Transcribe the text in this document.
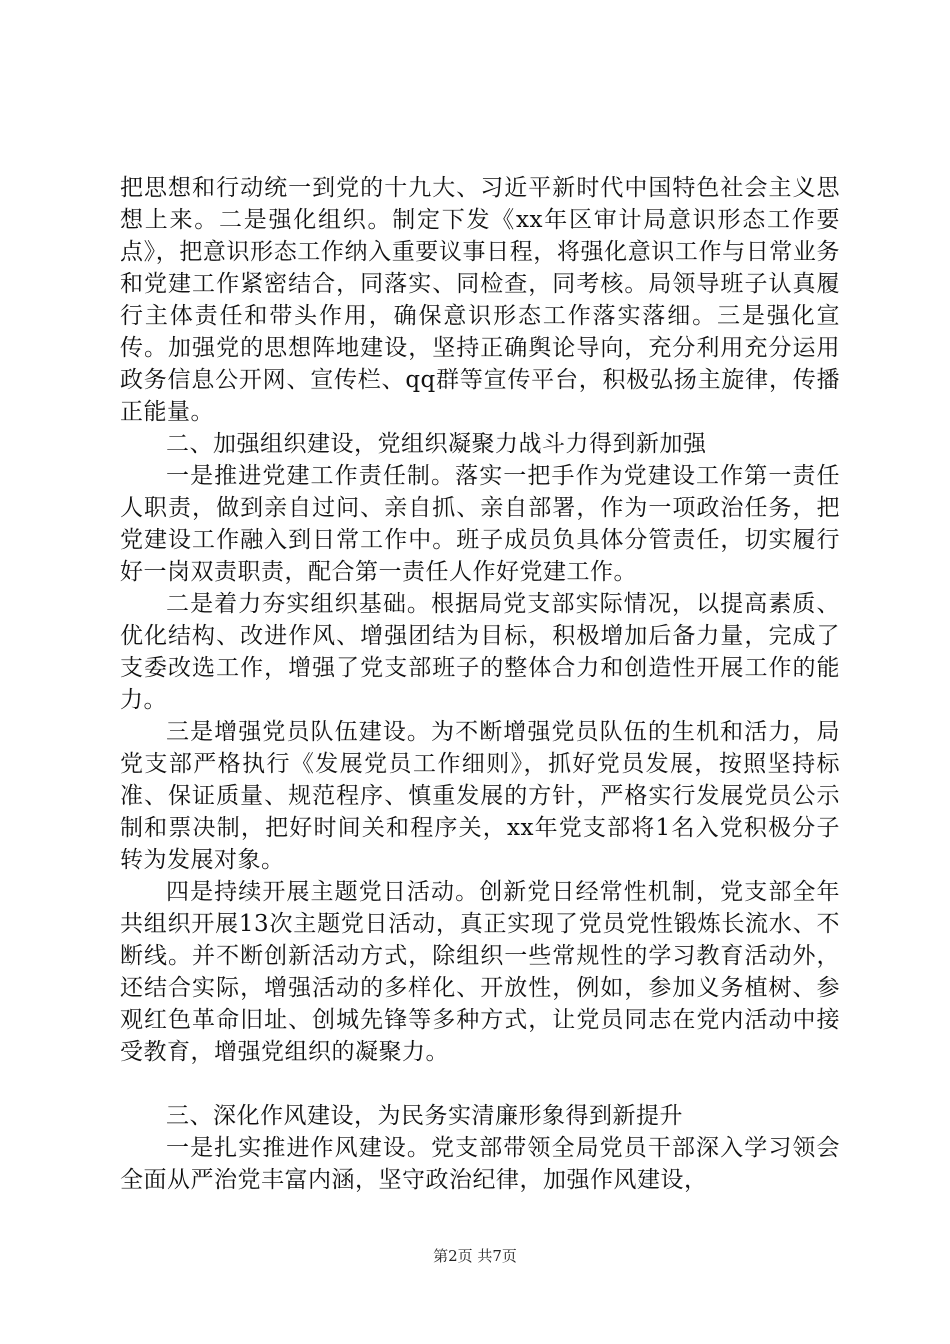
把思想和行动统一到党的十九大、习近平新时代中国特色社会主义思想上来。二是强化组织。制定下发《xx年区审计局意识形态工作要点》，把意识形态工作纳入重要议事日程，将强化意识工作与日常业务和党建工作紧密结合，同落实、同检查，同考核。局领导班子认真履行主体责任和带头作用，确保意识形态工作落实落细。三是强化宣传。加强党的思想阵地建设，坚持正确舆论导向，充分利用充分运用政务信息公开网、宣传栏、qq群等宣传平台，积极弘扬主旋律，传播正能量。

二、加强组织建设，党组织凝聚力战斗力得到新加强

一是推进党建工作责任制。落实一把手作为党建设工作第一责任人职责，做到亲自过问、亲自抓、亲自部署，作为一项政治任务，把党建设工作融入到日常工作中。班子成员负具体分管责任，切实履行好一岗双责职责，配合第一责任人作好党建工作。

二是着力夯实组织基础。根据局党支部实际情况，以提高素质、优化结构、改进作风、增强团结为目标，积极增加后备力量，完成了支委改选工作，增强了党支部班子的整体合力和创造性开展工作的能力。

三是增强党员队伍建设。为不断增强党员队伍的生机和活力，局党支部严格执行《发展党员工作细则》，抓好党员发展，按照坚持标准、保证质量、规范程序、慎重发展的方针，严格实行发展党员公示制和票决制，把好时间关和程序关，xx年党支部将1名入党积极分子转为发展对象。

四是持续开展主题党日活动。创新党日经常性机制，党支部全年共组织开展13次主题党日活动，真正实现了党员党性锻炼长流水、不断线。并不断创新活动方式，除组织一些常规性的学习教育活动外，还结合实际，增强活动的多样化、开放性，例如，参加义务植树、参观红色革命旧址、创城先锋等多种方式，让党员同志在党内活动中接受教育，增强党组织的凝聚力。

三、深化作风建设，为民务实清廉形象得到新提升

一是扎实推进作风建设。党支部带领全局党员干部深入学习领会全面从严治党丰富内涵，坚守政治纪律，加强作风建设，

第2页 共7页
